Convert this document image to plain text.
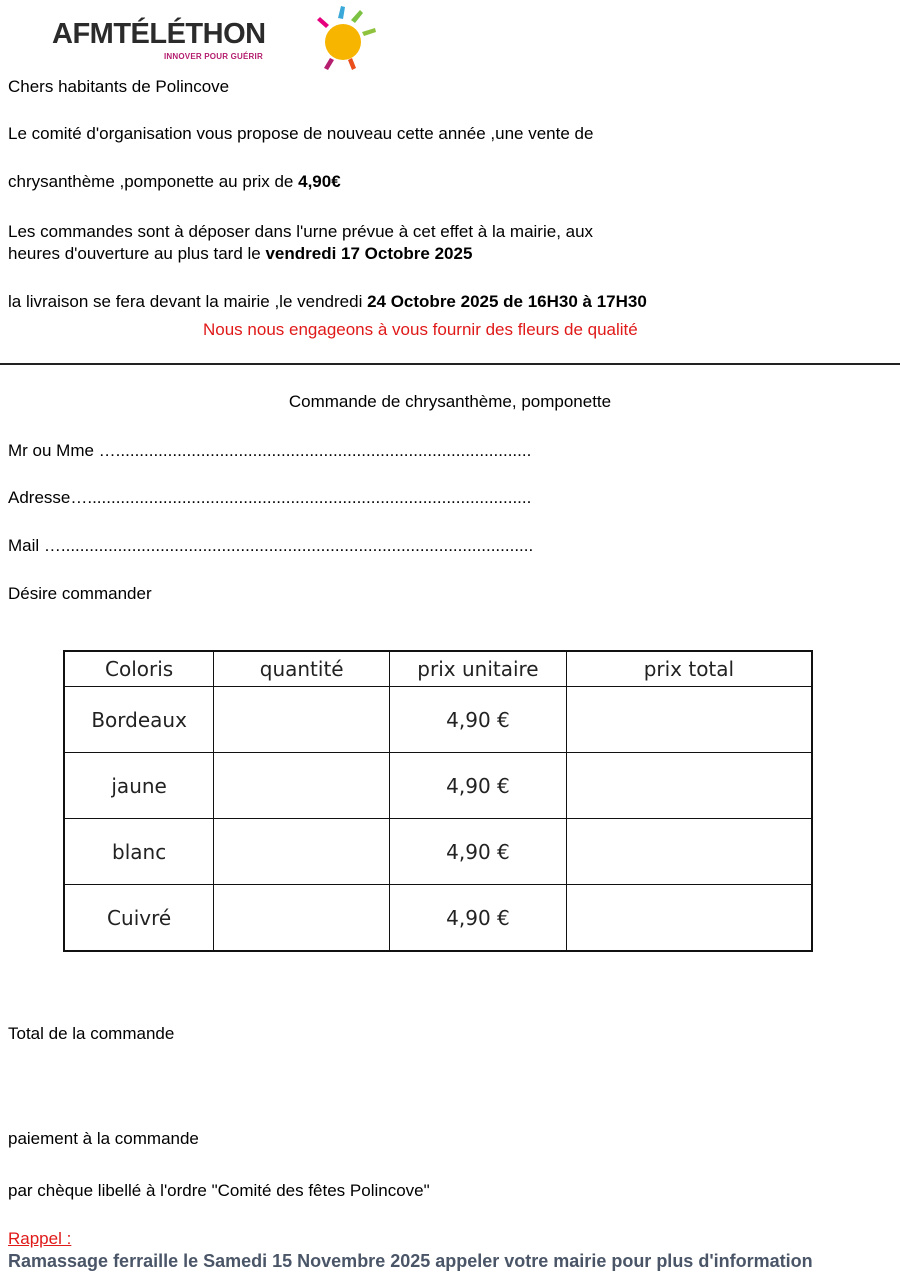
AFMTÉLÉTHON
INNOVER POUR GUÉRIR
Chers habitants de Polincove
Le comité d'organisation vous propose de nouveau cette année ,une vente de
chrysanthème ,pomponette au prix de 4,90€
Les commandes sont à déposer dans l'urne prévue à cet effet à la mairie, aux
heures d'ouverture au plus tard le vendredi 17 Octobre 2025
la livraison se fera devant la mairie ,le vendredi 24 Octobre 2025 de 16H30 à 17H30
Nous nous engageons à vous fournir des fleurs de qualité
Commande de chrysanthème, pomponette
Mr ou Mme …........................................................................................
Adresse…..............................................................................................
Mail …....................................................................................................
Désire commander
Coloris	quantité	prix unitaire	prix total
Bordeaux		4,90 €	
jaune		4,90 €	
blanc		4,90 €	
Cuivré		4,90 €	
Total de la commande
paiement à la commande
par chèque libellé à l'ordre "Comité des fêtes Polincove"
Rappel :
Ramassage ferraille le Samedi 15 Novembre 2025 appeler votre mairie pour plus d'information
